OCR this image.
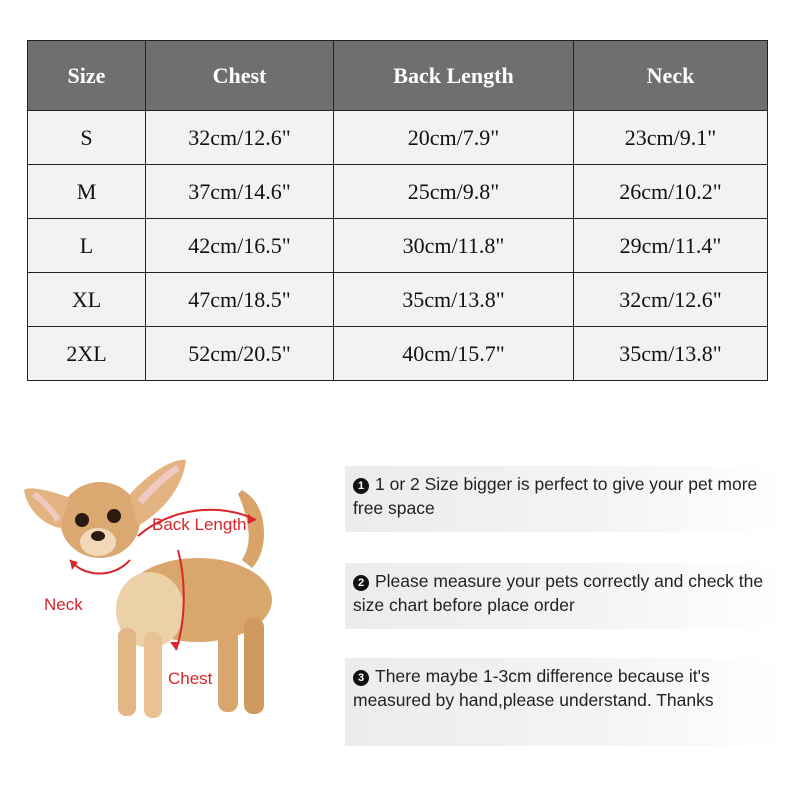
Size	Chest	Back Length	Neck
S	32cm/12.6"	20cm/7.9"	23cm/9.1"
M	37cm/14.6"	25cm/9.8"	26cm/10.2"
L	42cm/16.5"	30cm/11.8"	29cm/11.4"
XL	47cm/18.5"	35cm/13.8"	32cm/12.6"
2XL	52cm/20.5"	40cm/15.7"	35cm/13.8"
Back Length
Neck
Chest
1 1 or 2 Size bigger is perfect to give your pet more free space
2 Please measure your pets correctly and check the size chart before place order
3 There maybe 1-3cm difference because it's measured by hand,please understand. Thanks
